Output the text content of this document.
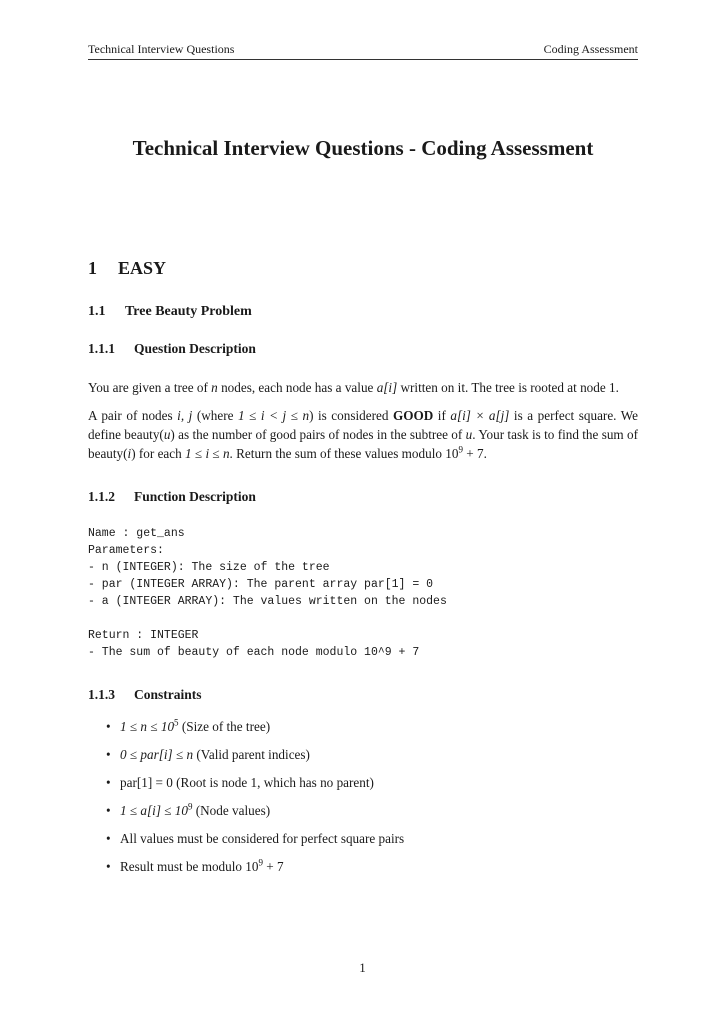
Technical Interview Questions	Coding Assessment
Technical Interview Questions - Coding Assessment
1 EASY
1.1 Tree Beauty Problem
1.1.1 Question Description

You are given a tree of n nodes, each node has a value a[i] written on it. The tree is rooted at node 1.

A pair of nodes i, j (where 1 ≤ i < j ≤ n) is considered GOOD if a[i] × a[j] is a perfect square. We define beauty(u) as the number of good pairs of nodes in the subtree of u. Your task is to find the sum of beauty(i) for each 1 ≤ i ≤ n. Return the sum of these values modulo $10^9 + 7$.

1.1.2 Function Description
Name : get_ans
Parameters:
- n (INTEGER): The size of the tree
- par (INTEGER ARRAY): The parent array par[1] = 0
- a (INTEGER ARRAY): The values written on the nodes
Return : INTEGER
- The sum of beauty of each node modulo 10^9 + 7
1.1.3 Constraints
• $1 \le n \le 10^5$ (Size of the tree)
• 0 ≤ par[i] ≤ n (Valid parent indices)
• par[1] = 0 (Root is node 1, which has no parent)
• $1 \le a[i] \le 10^9$ (Node values)
• All values must be considered for perfect square pairs
• Result must be modulo $10^9 + 7$
1
